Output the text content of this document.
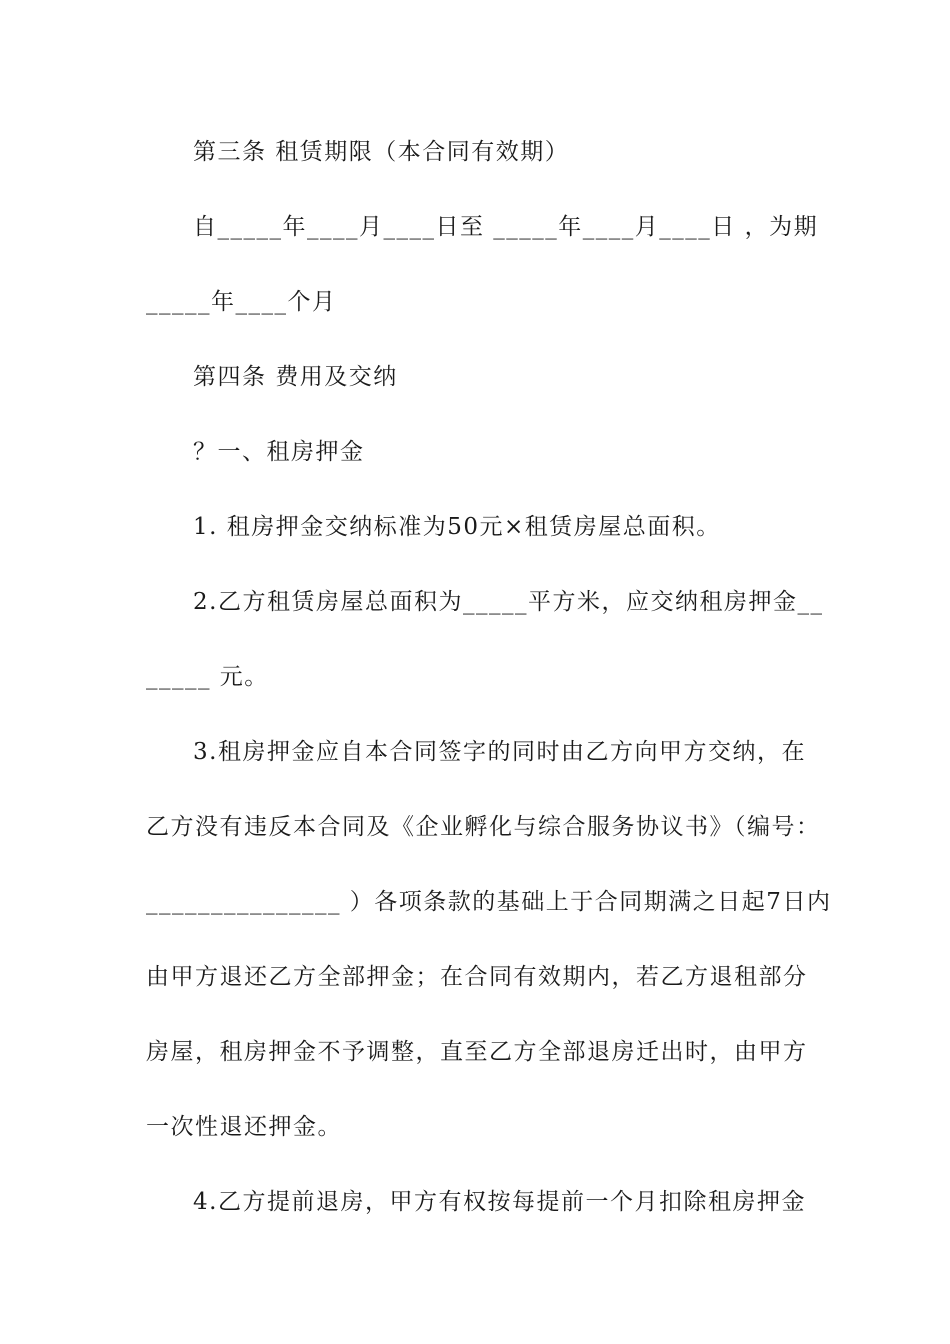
第三条 租赁期限（本合同有效期）
自_____年____月____日至 _____年____月____日 ，为期
_____年____个月
第四条 费用及交纳
？一、租房押金
1. 租房押金交纳标准为50元×租赁房屋总面积。
2.乙方租赁房屋总面积为_____平方米，应交纳租房押金__
_____ 元。
3.租房押金应自本合同签字的同时由乙方向甲方交纳，在
乙方没有违反本合同及《企业孵化与综合服务协议书》（编号：
_______________ ）各项条款的基础上于合同期满之日起7日内
由甲方退还乙方全部押金；在合同有效期内，若乙方退租部分
房屋，租房押金不予调整，直至乙方全部退房迁出时，由甲方
一次性退还押金。
4.乙方提前退房，甲方有权按每提前一个月扣除租房押金
